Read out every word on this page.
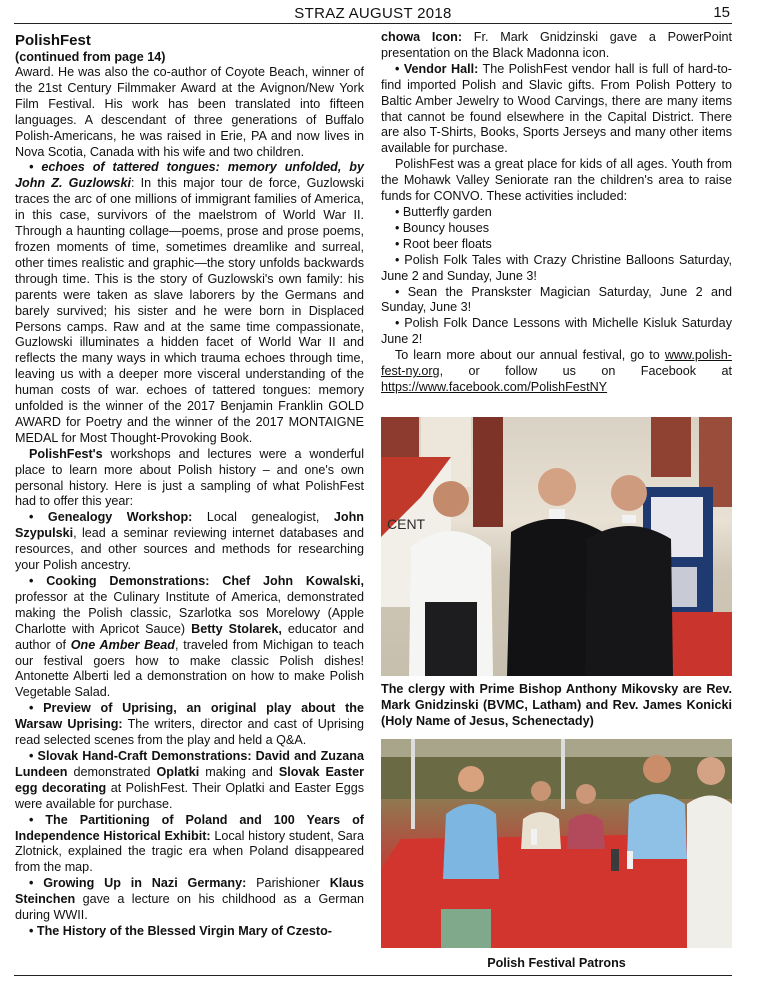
STRAZ AUGUST 2018	15
PolishFest
(continued from page 14)

Award. He was also the co-author of Coyote Beach, winner of the 21st Century Filmmaker Award at the Avignon/New York Film Festival. His work has been translated into fifteen languages. A descendant of three generations of Buffalo Polish-Americans, he was raised in Erie, PA and now lives in Nova Scotia, Canada with his wife and two children.

• echoes of tattered tongues: memory unfolded, by John Z. Guzlowski: In this major tour de force, Guzlowski traces the arc of one millions of immigrant families of America, in this case, survivors of the maelstrom of World War II. Through a haunting collage—poems, prose and prose poems, frozen moments of time, sometimes dreamlike and surreal, other times realistic and graphic—the story unfolds backwards through time. This is the story of Guzlowski's own family: his parents were taken as slave laborers by the Germans and barely survived; his sister and he were born in Displaced Persons camps. Raw and at the same time compassionate, Guzlowski illuminates a hidden facet of World War II and reflects the many ways in which trauma echoes through time, leaving us with a deeper more visceral understanding of the human costs of war. echoes of tattered tongues: memory unfolded is the winner of the 2017 Benjamin Franklin GOLD AWARD for Poetry and the winner of the 2017 MONTAIGNE MEDAL for Most Thought-Provoking Book.

PolishFest's workshops and lectures were a wonderful place to learn more about Polish history – and one's own personal history. Here is just a sampling of what PolishFest had to offer this year:

• Genealogy Workshop: Local genealogist, John Szypulski, lead a seminar reviewing internet databases and resources, and other sources and methods for researching your Polish ancestry.

• Cooking Demonstrations: Chef John Kowalski, professor at the Culinary Institute of America, demonstrated making the Polish classic, Szarlotka sos Morelowy (Apple Charlotte with Apricot Sauce) Betty Stolarek, educator and author of One Amber Bead, traveled from Michigan to teach our festival goers how to make classic Polish dishes! Antonette Alberti led a demonstration on how to make Polish Vegetable Salad.

• Preview of Uprising, an original play about the Warsaw Uprising: The writers, director and cast of Uprising read selected scenes from the play and held a Q&A.

• Slovak Hand-Craft Demonstrations: David and Zuzana Lundeen demonstrated Oplatki making and Slovak Easter egg decorating at PolishFest. Their Oplatki and Easter Eggs were available for purchase.

• The Partitioning of Poland and 100 Years of Independence Historical Exhibit: Local history student, Sara Zlotnick, explained the tragic era when Poland disappeared from the map.

• Growing Up in Nazi Germany: Parishioner Klaus Steinchen gave a lecture on his childhood as a German during WWII.

• The History of the Blessed Virgin Mary of Czesto-

chowa Icon: Fr. Mark Gnidzinski gave a PowerPoint presentation on the Black Madonna icon.

• Vendor Hall: The PolishFest vendor hall is full of hard-to-find imported Polish and Slavic gifts. From Polish Pottery to Baltic Amber Jewelry to Wood Carvings, there are many items that cannot be found elsewhere in the Capital District. There are also T-Shirts, Books, Sports Jerseys and many other items available for purchase.

PolishFest was a great place for kids of all ages. Youth from the Mohawk Valley Seniorate ran the children's area to raise funds for CONVO. These activities included:

• Butterfly garden

• Bouncy houses

• Root beer floats

• Polish Folk Tales with Crazy Christine Balloons Saturday, June 2 and Sunday, June 3!

• Sean the Pranskster Magician Saturday, June 2 and Sunday, June 3!

• Polish Folk Dance Lessons with Michelle Kisluk Saturday June 2!

To learn more about our annual festival, go to www.polish-fest-ny.org, or follow us on Facebook at https://www.facebook.com/PolishFestNY

CENT
The clergy with Prime Bishop Anthony Mikovsky are Rev. Mark Gnidzinski (BVMC, Latham) and Rev. James Konicki (Holy Name of Jesus, Schenectady)
Polish Festival Patrons
